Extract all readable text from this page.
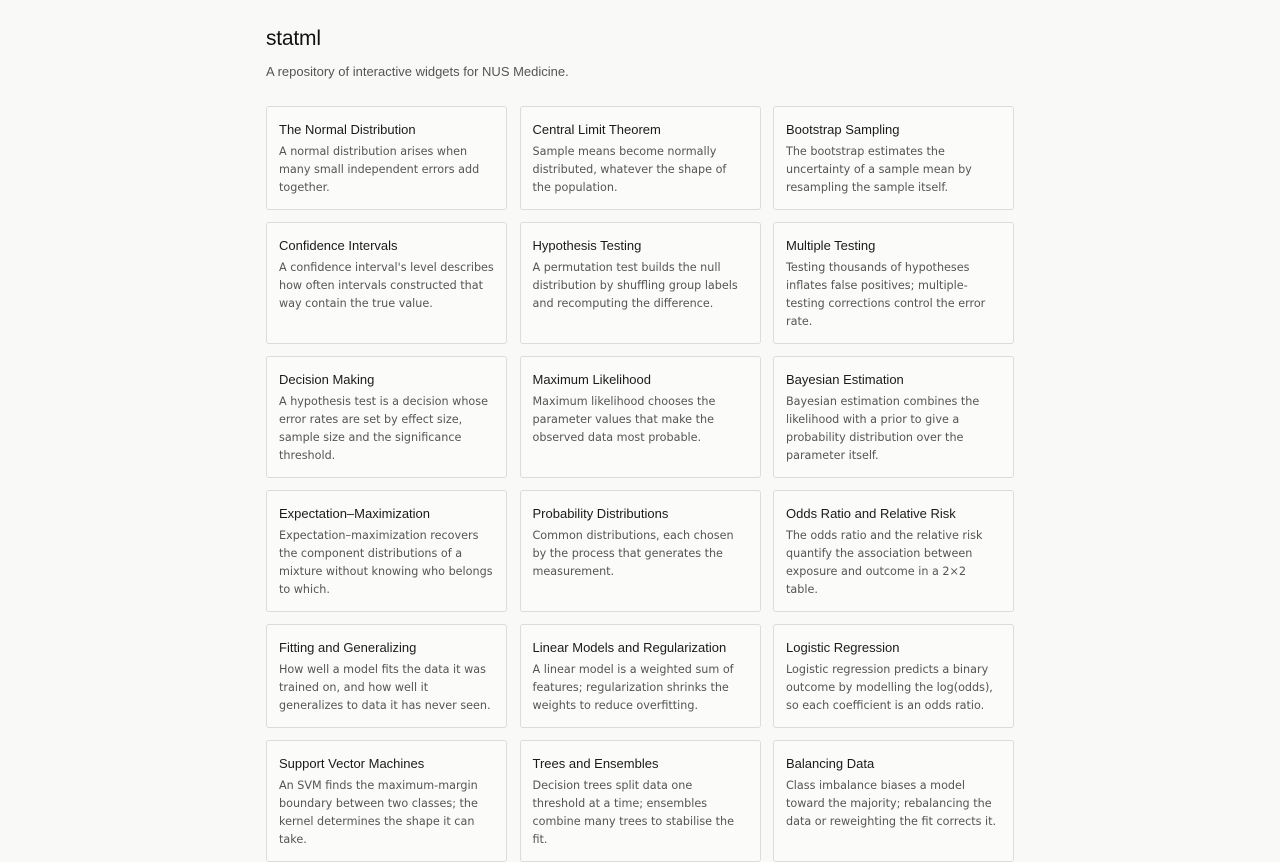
statml

A repository of interactive widgets for NUS Medicine.

The Normal Distribution

A normal distribution arises when many small independent errors add together.

Central Limit Theorem

Sample means become normally distributed, whatever the shape of the population.

Bootstrap Sampling

The bootstrap estimates the uncertainty of a sample mean by resampling the sample itself.

Confidence Intervals

A confidence interval's level describes how often intervals constructed that way contain the true value.

Hypothesis Testing

A permutation test builds the null distribution by shuffling group labels and recomputing the difference.

Multiple Testing

Testing thousands of hypotheses inflates false positives; multiple-testing corrections control the error rate.

Decision Making

A hypothesis test is a decision whose error rates are set by effect size, sample size and the significance threshold.

Maximum Likelihood

Maximum likelihood chooses the parameter values that make the observed data most probable.

Bayesian Estimation

Bayesian estimation combines the likelihood with a prior to give a probability distribution over the parameter itself.

Expectation–Maximization

Expectation–maximization recovers the component distributions of a mixture without knowing who belongs to which.

Probability Distributions

Common distributions, each chosen by the process that generates the measurement.

Odds Ratio and Relative Risk

The odds ratio and the relative risk quantify the association between exposure and outcome in a 2×2 table.

Fitting and Generalizing

How well a model fits the data it was trained on, and how well it generalizes to data it has never seen.

Linear Models and Regularization

A linear model is a weighted sum of features; regularization shrinks the weights to reduce overfitting.

Logistic Regression

Logistic regression predicts a binary outcome by modelling the log(odds), so each coefficient is an odds ratio.

Support Vector Machines

An SVM finds the maximum-margin boundary between two classes; the kernel determines the shape it can take.

Trees and Ensembles

Decision trees split data one threshold at a time; ensembles combine many trees to stabilise the fit.

Balancing Data

Class imbalance biases a model toward the majority; rebalancing the data or reweighting the fit corrects it.
